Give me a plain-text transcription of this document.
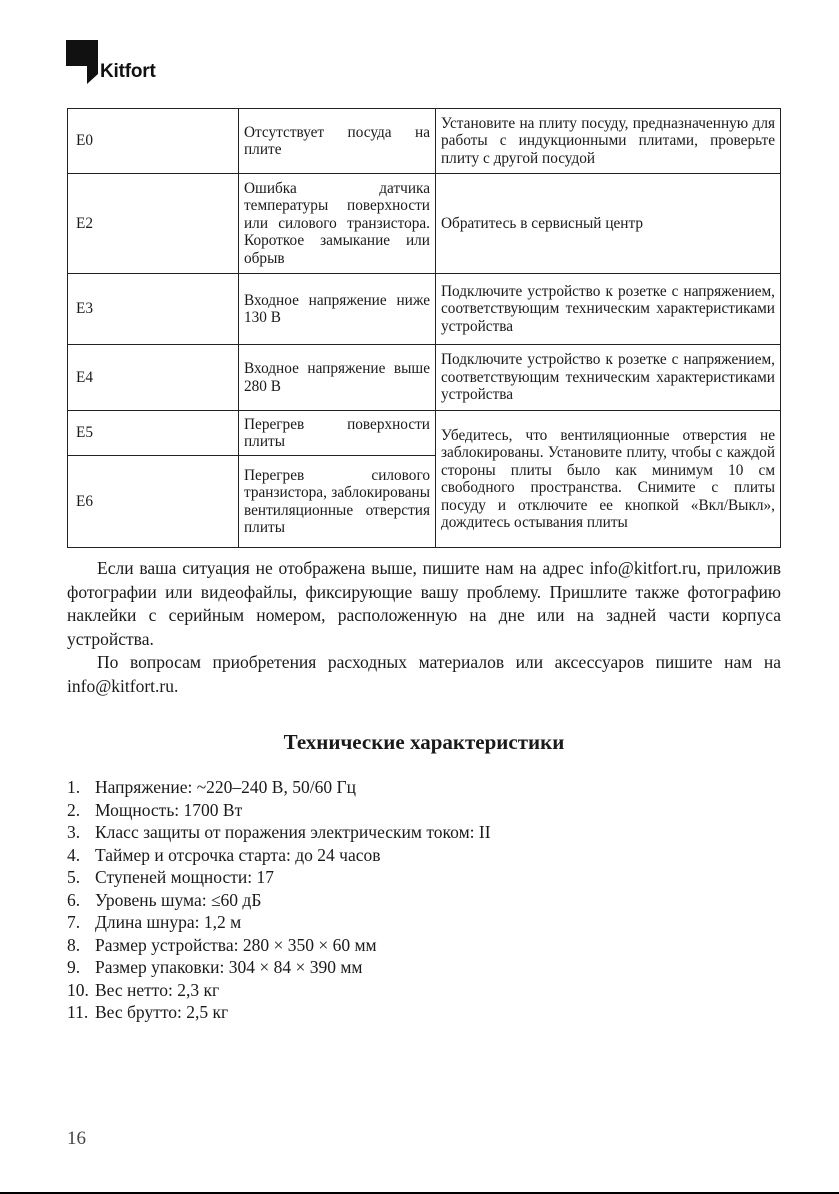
Kitfort
E0	Отсутствует посуда на плите	Установите на плиту посуду, предназначенную для работы с индукционными плитами, проверьте плиту с другой посудой
E2	Ошибка датчика температуры поверхности или силового транзистора. Короткое замыкание или обрыв	Обратитесь в сервисный центр
E3	Входное напряжение ниже 130 В	Подключите устройство к розетке с напряжением, соответствующим техническим характеристиками устройства
E4	Входное напряжение выше 280 В	Подключите устройство к розетке с напряжением, соответствующим техническим характеристиками устройства
E5	Перегрев поверхности плиты	Убедитесь, что вентиляционные отверстия не заблокированы. Установите плиту, чтобы с каждой стороны плиты было как минимум 10 см свободного пространства. Снимите с плиты посуду и отключите ее кнопкой «Вкл/Выкл», дождитесь остывания плиты
E6	Перегрев силового транзистора, заблокированы вентиляционные отверстия плиты	

Если ваша ситуация не отображена выше, пишите нам на адрес info@kitfort.ru, приложив фотографии или видеофайлы, фиксирующие вашу проблему. Пришлите также фотографию наклейки с серийным номером, расположенную на дне или на задней части корпуса устройства.

По вопросам приобретения расходных материалов или аксессуаров пишите нам на info@kitfort.ru.

Технические характеристики
1. Напряжение: ~220–240 В, 50/60 Гц
2. Мощность: 1700 Вт
3. Класс защиты от поражения электрическим током: II
4. Таймер и отсрочка старта: до 24 часов
5. Ступеней мощности: 17
6. Уровень шума: ≤60 дБ
7. Длина шнура: 1,2 м
8. Размер устройства: 280 × 350 × 60 мм
9. Размер упаковки: 304 × 84 × 390 мм
10. Вес нетто: 2,3 кг
11. Вес брутто: 2,5 кг
16
